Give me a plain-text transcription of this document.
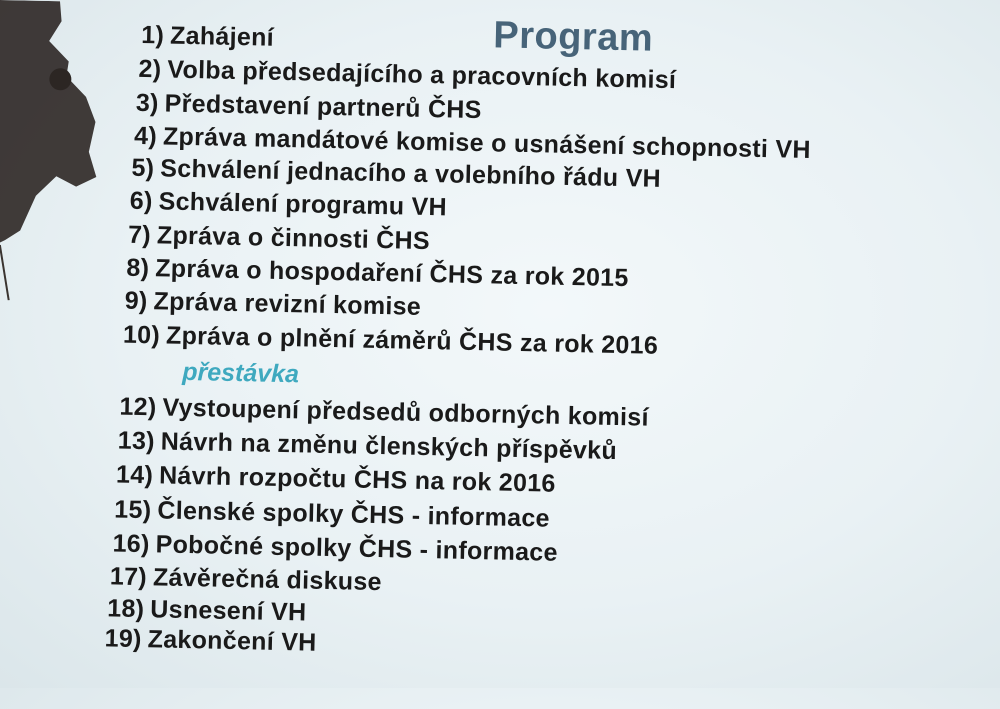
Program
1) Zahájení
2) Volba předsedajícího a pracovních komisí
3) Představení partnerů ČHS
4) Zpráva mandátové komise o usnášení schopnosti VH
5) Schválení jednacího a volebního řádu VH
6) Schválení programu VH
7) Zpráva o činnosti ČHS
8) Zpráva o hospodaření ČHS za rok 2015
9) Zpráva revizní komise
10) Zpráva o plnění záměrů ČHS za rok 2016
přestávka
12) Vystoupení předsedů odborných komisí
13) Návrh na změnu členských příspěvků
14) Návrh rozpočtu ČHS na rok 2016
15) Členské spolky ČHS - informace
16) Pobočné spolky ČHS - informace
17) Závěrečná diskuse
18) Usnesení VH
19) Zakončení VH
